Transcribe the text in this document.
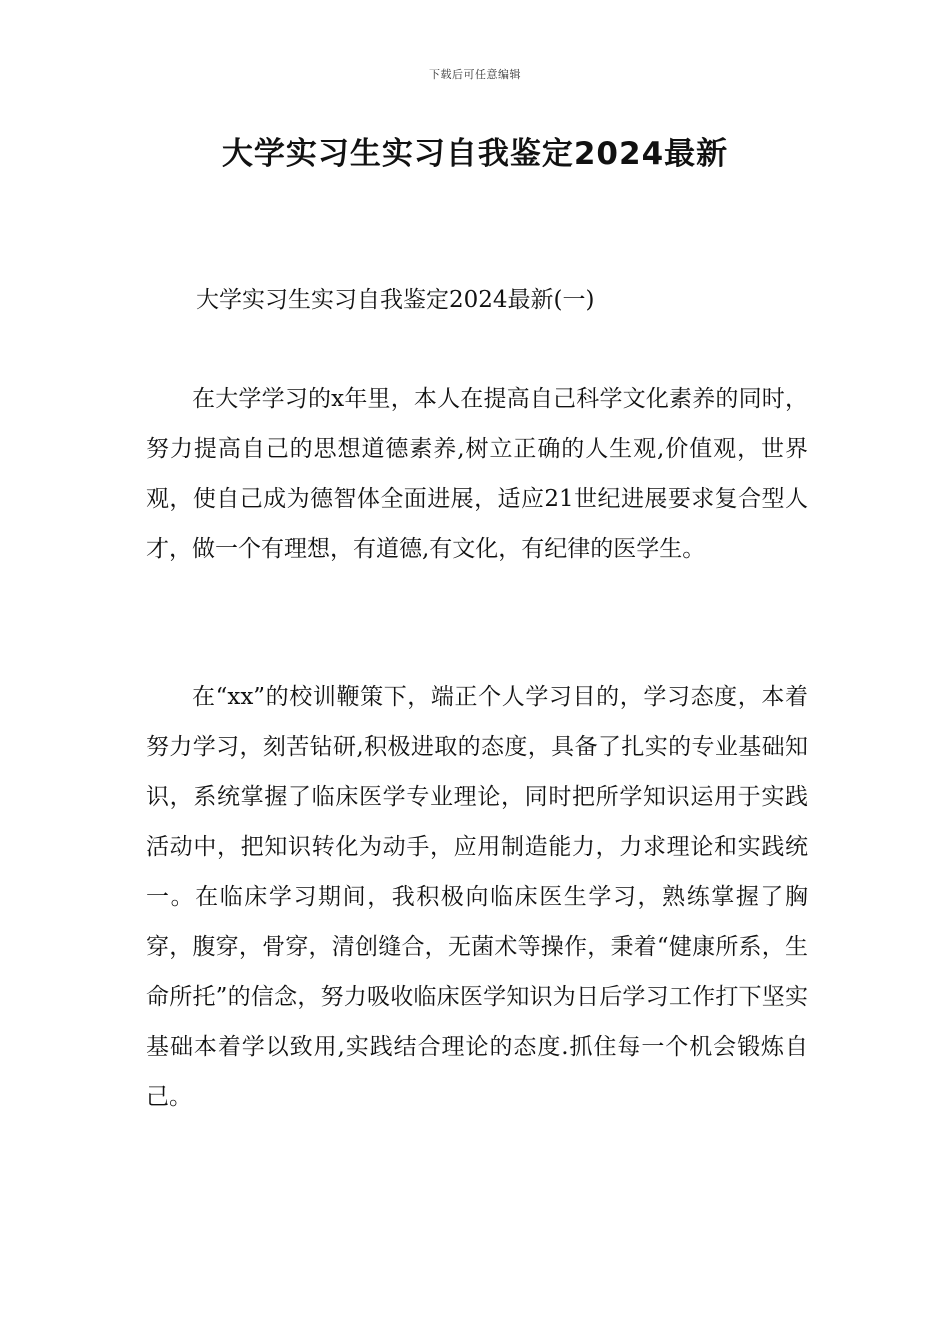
下载后可任意编辑
大学实习生实习自我鉴定2024最新
大学实习生实习自我鉴定2024最新(一)

在大学学习的x年里，本人在提高自己科学文化素养的同时，努力提高自己的思想道德素养,树立正确的人生观,价值观，世界观，使自己成为德智体全面进展，适应21世纪进展要求复合型人才，做一个有理想，有道德,有文化，有纪律的医学生。

在“xx”的校训鞭策下，端正个人学习目的，学习态度，本着努力学习，刻苦钻研,积极进取的态度，具备了扎实的专业基础知识，系统掌握了临床医学专业理论，同时把所学知识运用于实践活动中，把知识转化为动手，应用制造能力，力求理论和实践统一。在临床学习期间，我积极向临床医生学习，熟练掌握了胸穿，腹穿，骨穿，清创缝合，无菌术等操作，秉着“健康所系，生命所托”的信念，努力吸收临床医学知识为日后学习工作打下坚实基础本着学以致用,实践结合理论的态度.抓住每一个机会锻炼自己。
